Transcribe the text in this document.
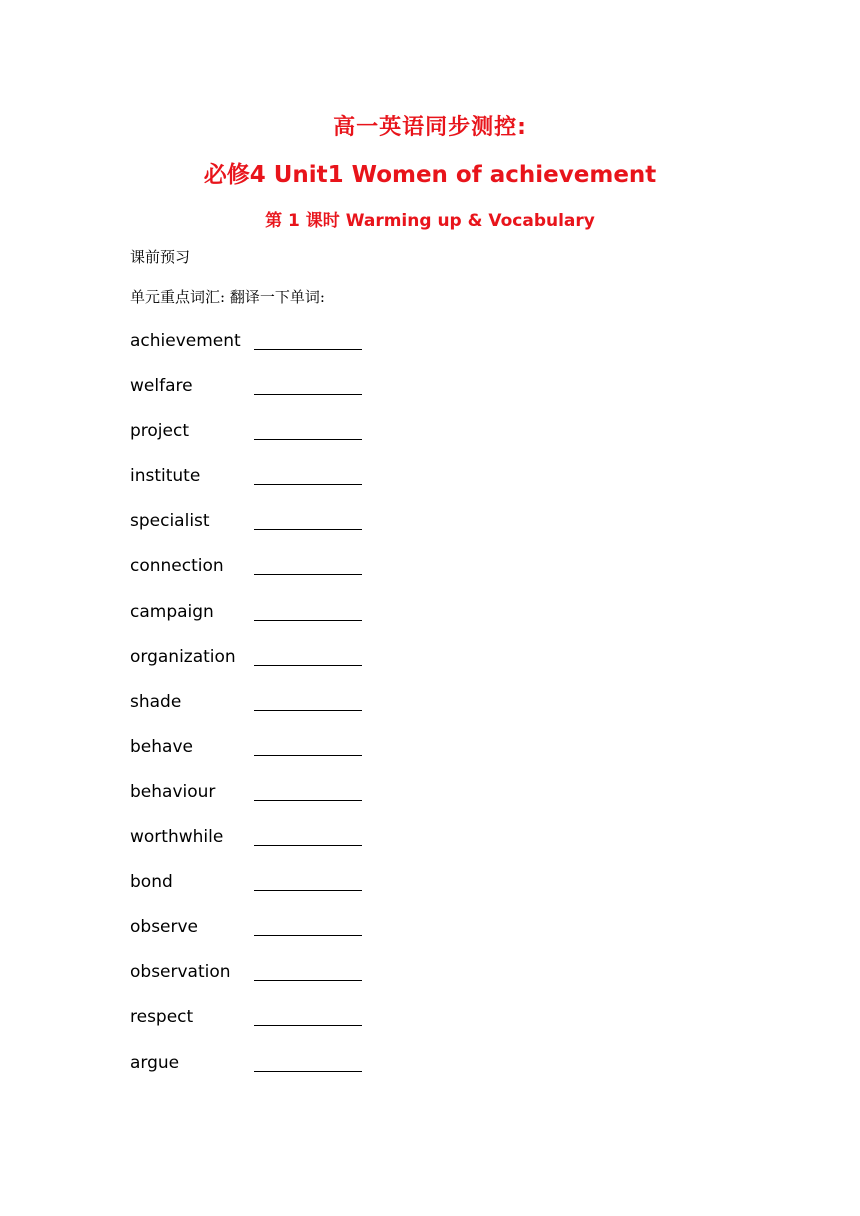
高一英语同步测控:
必修4 Unit1 Women of achievement
第 1 课时 Warming up & Vocabulary
课前预习
单元重点词汇: 翻译一下单词:
achievement
welfare
project
institute
specialist
connection
campaign
organization
shade
behave
behaviour
worthwhile
bond
observe
observation
respect
argue
